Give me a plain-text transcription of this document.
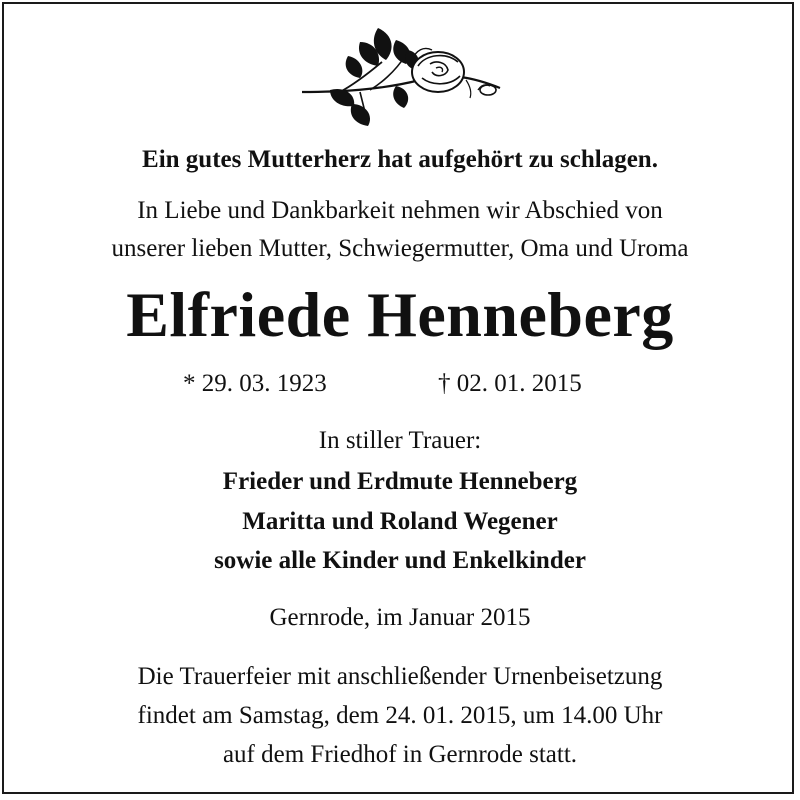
Ein gutes Mutterherz hat aufgehört zu schlagen.
In Liebe und Dankbarkeit nehmen wir Abschied von
unserer lieben Mutter, Schwiegermutter, Oma und Uroma
Elfriede Henneberg
* 29. 03. 1923	† 02. 01. 2015
In stiller Trauer:
Frieder und Erdmute Henneberg
Maritta und Roland Wegener
sowie alle Kinder und Enkelkinder
Gernrode, im Januar 2015
Die Trauerfeier mit anschließender Urnenbeisetzung
findet am Samstag, dem 24. 01. 2015, um 14.00 Uhr
auf dem Friedhof in Gernrode statt.
